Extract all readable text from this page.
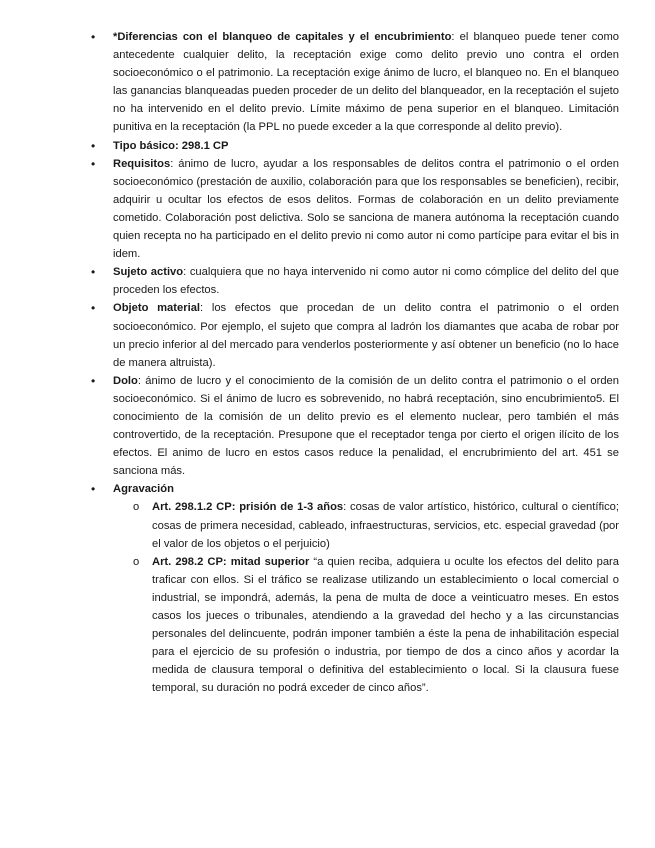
• *Diferencias con el blanqueo de capitales y el encubrimiento: el blanqueo puede tener como antecedente cualquier delito, la receptación exige como delito previo uno contra el orden socioeconómico o el patrimonio. La receptación exige ánimo de lucro, el blanqueo no. En el blanqueo las ganancias blanqueadas pueden proceder de un delito del blanqueador, en la receptación el sujeto no ha intervenido en el delito previo. Límite máximo de pena superior en el blanqueo. Limitación punitiva en la receptación (la PPL no puede exceder a la que corresponde al delito previo).
• Tipo básico: 298.1 CP
• Requisitos: ánimo de lucro, ayudar a los responsables de delitos contra el patrimonio o el orden socioeconómico (prestación de auxilio, colaboración para que los responsables se beneficien), recibir, adquirir u ocultar los efectos de esos delitos. Formas de colaboración en un delito previamente cometido. Colaboración post delictiva. Solo se sanciona de manera autónoma la receptación cuando quien recepta no ha participado en el delito previo ni como autor ni como partícipe para evitar el bis in idem.
• Sujeto activo: cualquiera que no haya intervenido ni como autor ni como cómplice del delito del que proceden los efectos.
• Objeto material: los efectos que procedan de un delito contra el patrimonio o el orden socioeconómico. Por ejemplo, el sujeto que compra al ladrón los diamantes que acaba de robar por un precio inferior al del mercado para venderlos posteriormente y así obtener un beneficio (no lo hace de manera altruista).
• Dolo: ánimo de lucro y el conocimiento de la comisión de un delito contra el patrimonio o el orden socioeconómico. Si el ánimo de lucro es sobrevenido, no habrá receptación, sino encubrimiento5. El conocimiento de la comisión de un delito previo es el elemento nuclear, pero también el más controvertido, de la receptación. Presupone que el receptador tenga por cierto el origen ilícito de los efectos. El animo de lucro en estos casos reduce la penalidad, el encrubrimiento del art. 451 se sanciona más.
• Agravación
o Art. 298.1.2 CP: prisión de 1-3 años: cosas de valor artístico, histórico, cultural o científico; cosas de primera necesidad, cableado, infraestructuras, servicios, etc. especial gravedad (por el valor de los objetos o el perjuicio)
o Art. 298.2 CP: mitad superior “a quien reciba, adquiera u oculte los efectos del delito para traficar con ellos. Si el tráfico se realizase utilizando un establecimiento o local comercial o industrial, se impondrá, además, la pena de multa de doce a veinticuatro meses. En estos casos los jueces o tribunales, atendiendo a la gravedad del hecho y a las circunstancias personales del delincuente, podrán imponer también a éste la pena de inhabilitación especial para el ejercicio de su profesión o industria, por tiempo de dos a cinco años y acordar la medida de clausura temporal o definitiva del establecimiento o local. Si la clausura fuese temporal, su duración no podrá exceder de cinco años”.
